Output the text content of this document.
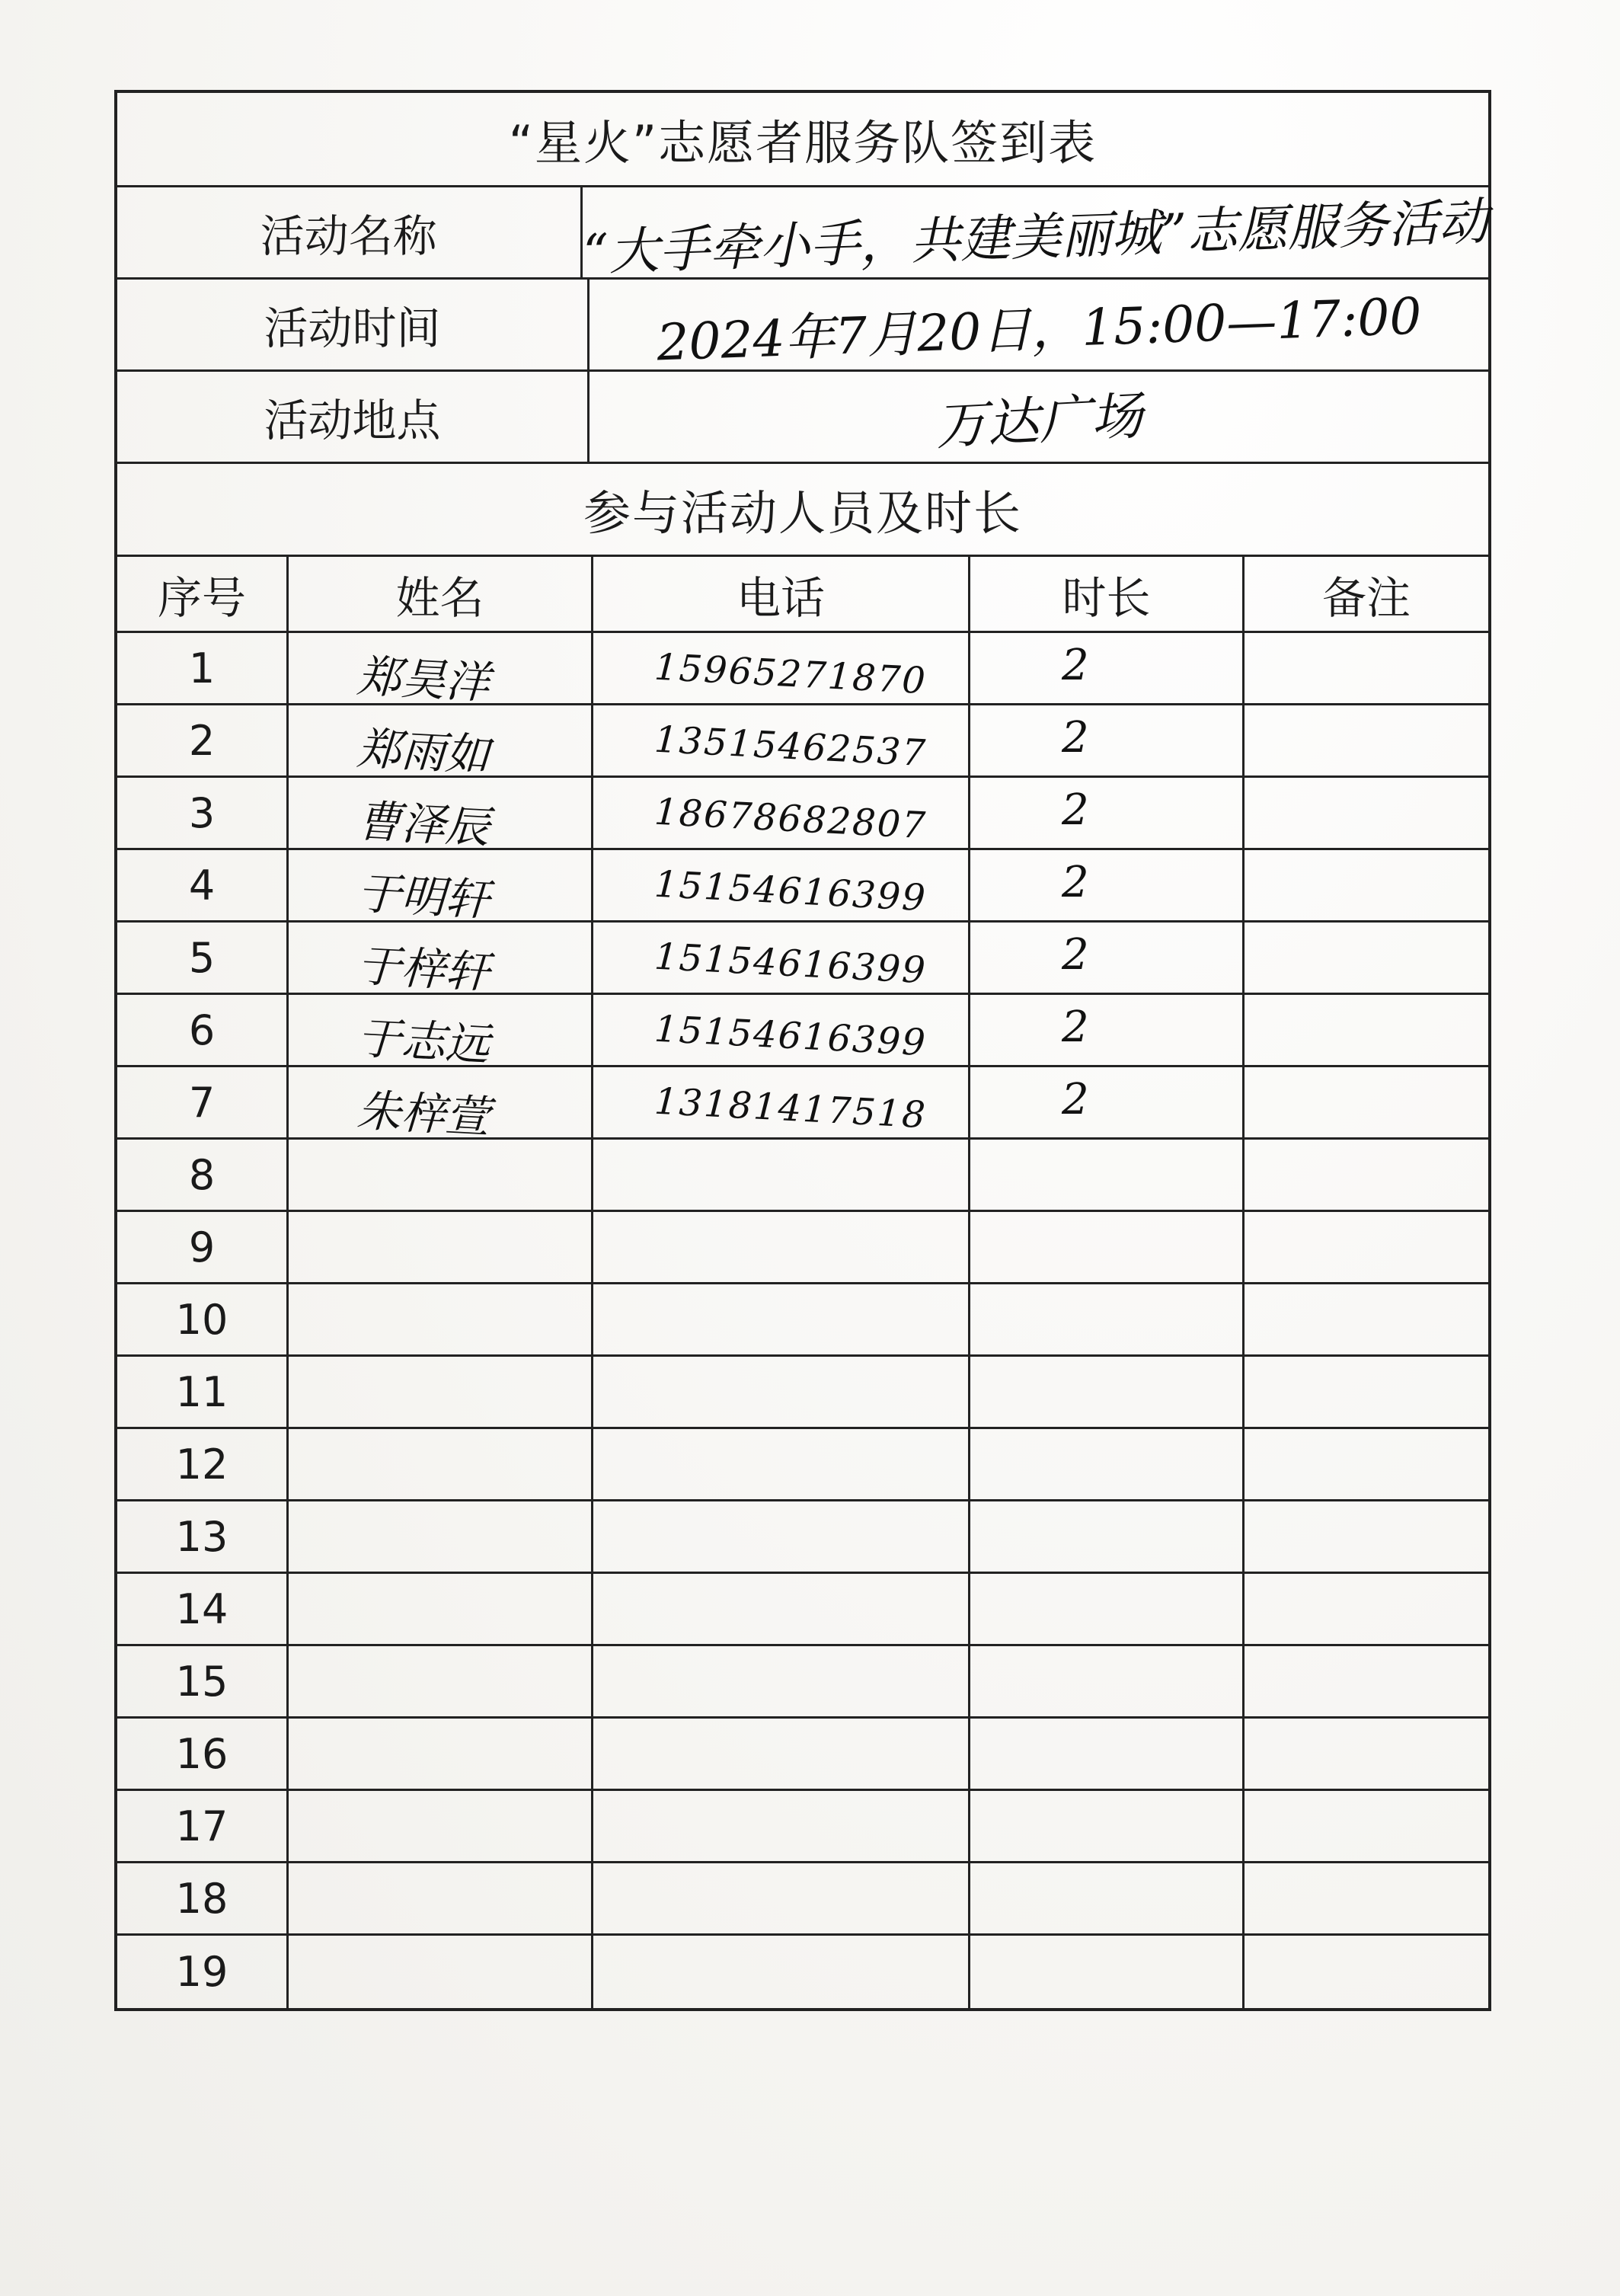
“星火”志愿者服务队签到表
活动名称	“大手牵小手，共建美丽城”志愿服务活动
活动时间	2024年7月20日，15:00—17:00
活动地点	万达广场
参与活动人员及时长
序号	姓名	电话	时长	备注
1	郑昊洋	15965271870	2
2	郑雨如	13515462537	2
3	曹泽辰	18678682807	2
4	于明轩	15154616399	2
5	于梓轩	15154616399	2
6	于志远	15154616399	2
7	朱梓萱	13181417518	2
8
9
10
11
12
13
14
15
16
17
18
19
